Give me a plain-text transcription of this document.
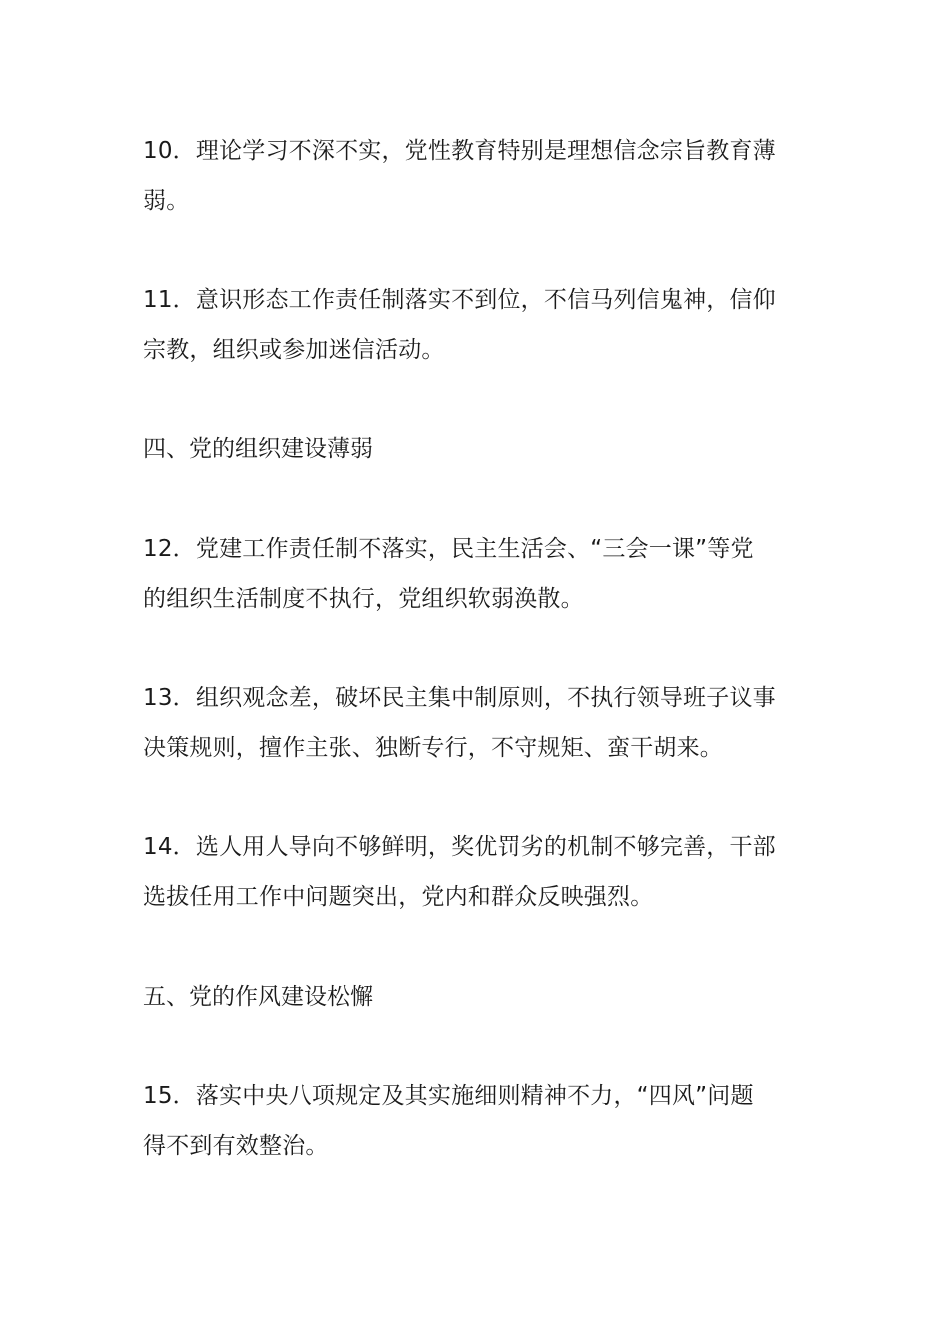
10．理论学习不深不实，党性教育特别是理想信念宗旨教育薄
弱。
11．意识形态工作责任制落实不到位，不信马列信鬼神，信仰
宗教，组织或参加迷信活动。
四、党的组织建设薄弱
12．党建工作责任制不落实，民主生活会、“三会一课”等党
的组织生活制度不执行，党组织软弱涣散。
13．组织观念差，破坏民主集中制原则，不执行领导班子议事
决策规则，擅作主张、独断专行，不守规矩、蛮干胡来。
14．选人用人导向不够鲜明，奖优罚劣的机制不够完善，干部
选拔任用工作中问题突出，党内和群众反映强烈。
五、党的作风建设松懈
15．落实中央八项规定及其实施细则精神不力，“四风”问题
得不到有效整治。
